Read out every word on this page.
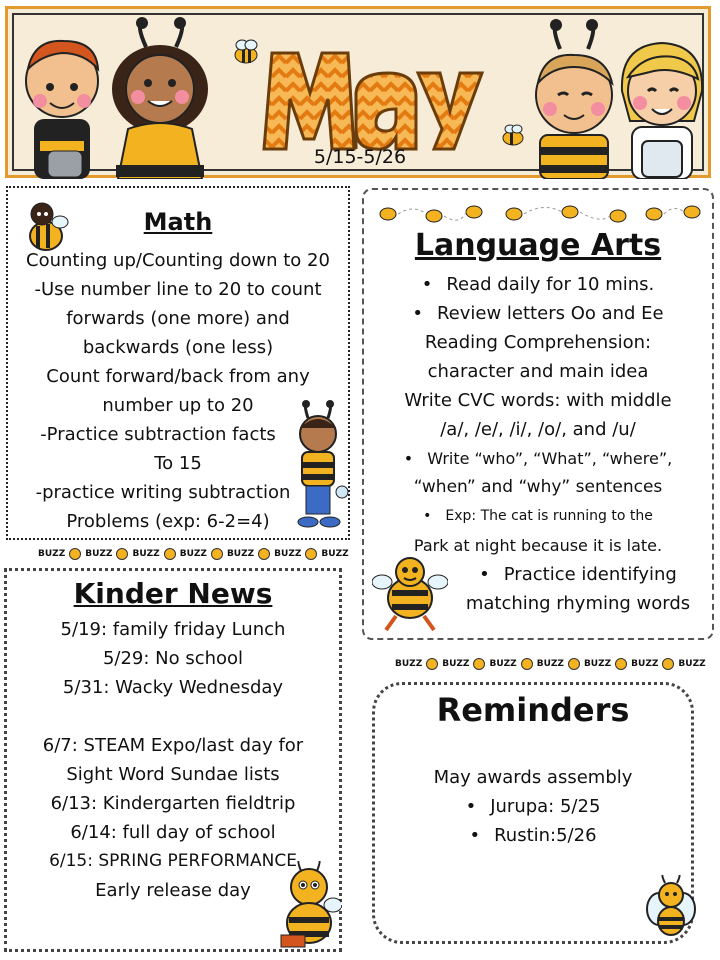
5/15-5/26
Math
Counting up/Counting down to 20
-Use number line to 20 to count
forwards (one more) and
backwards (one less)
Count forward/back from any
number up to 20
-Practice subtraction facts
To 15
-practice writing subtraction
Problems (exp: 6-2=4)
BUZZ BUZZ BUZZ BUZZ BUZZ BUZZ BUZZ
Language Arts
• Read daily for 10 mins.
• Review letters Oo and Ee
Reading Comprehension:
character and main idea
Write CVC words: with middle
/a/, /e/, /i/, /o/, and /u/
• Write “who”, “What”, “where”,
“when” and “why” sentences
• Exp: The cat is running to the
Park at night because it is late.
• Practice identifying
matching rhyming words
BUZZ BUZZ BUZZ BUZZ BUZZ BUZZ BUZZ
Kinder News
5/19: family friday Lunch
5/29: No school
5/31: Wacky Wednesday
6/7: STEAM Expo/last day for
Sight Word Sundae lists
6/13: Kindergarten fieldtrip
6/14: full day of school
6/15: SPRING PERFORMANCE
Early release day
Reminders
May awards assembly
• Jurupa: 5/25
• Rustin:5/26
